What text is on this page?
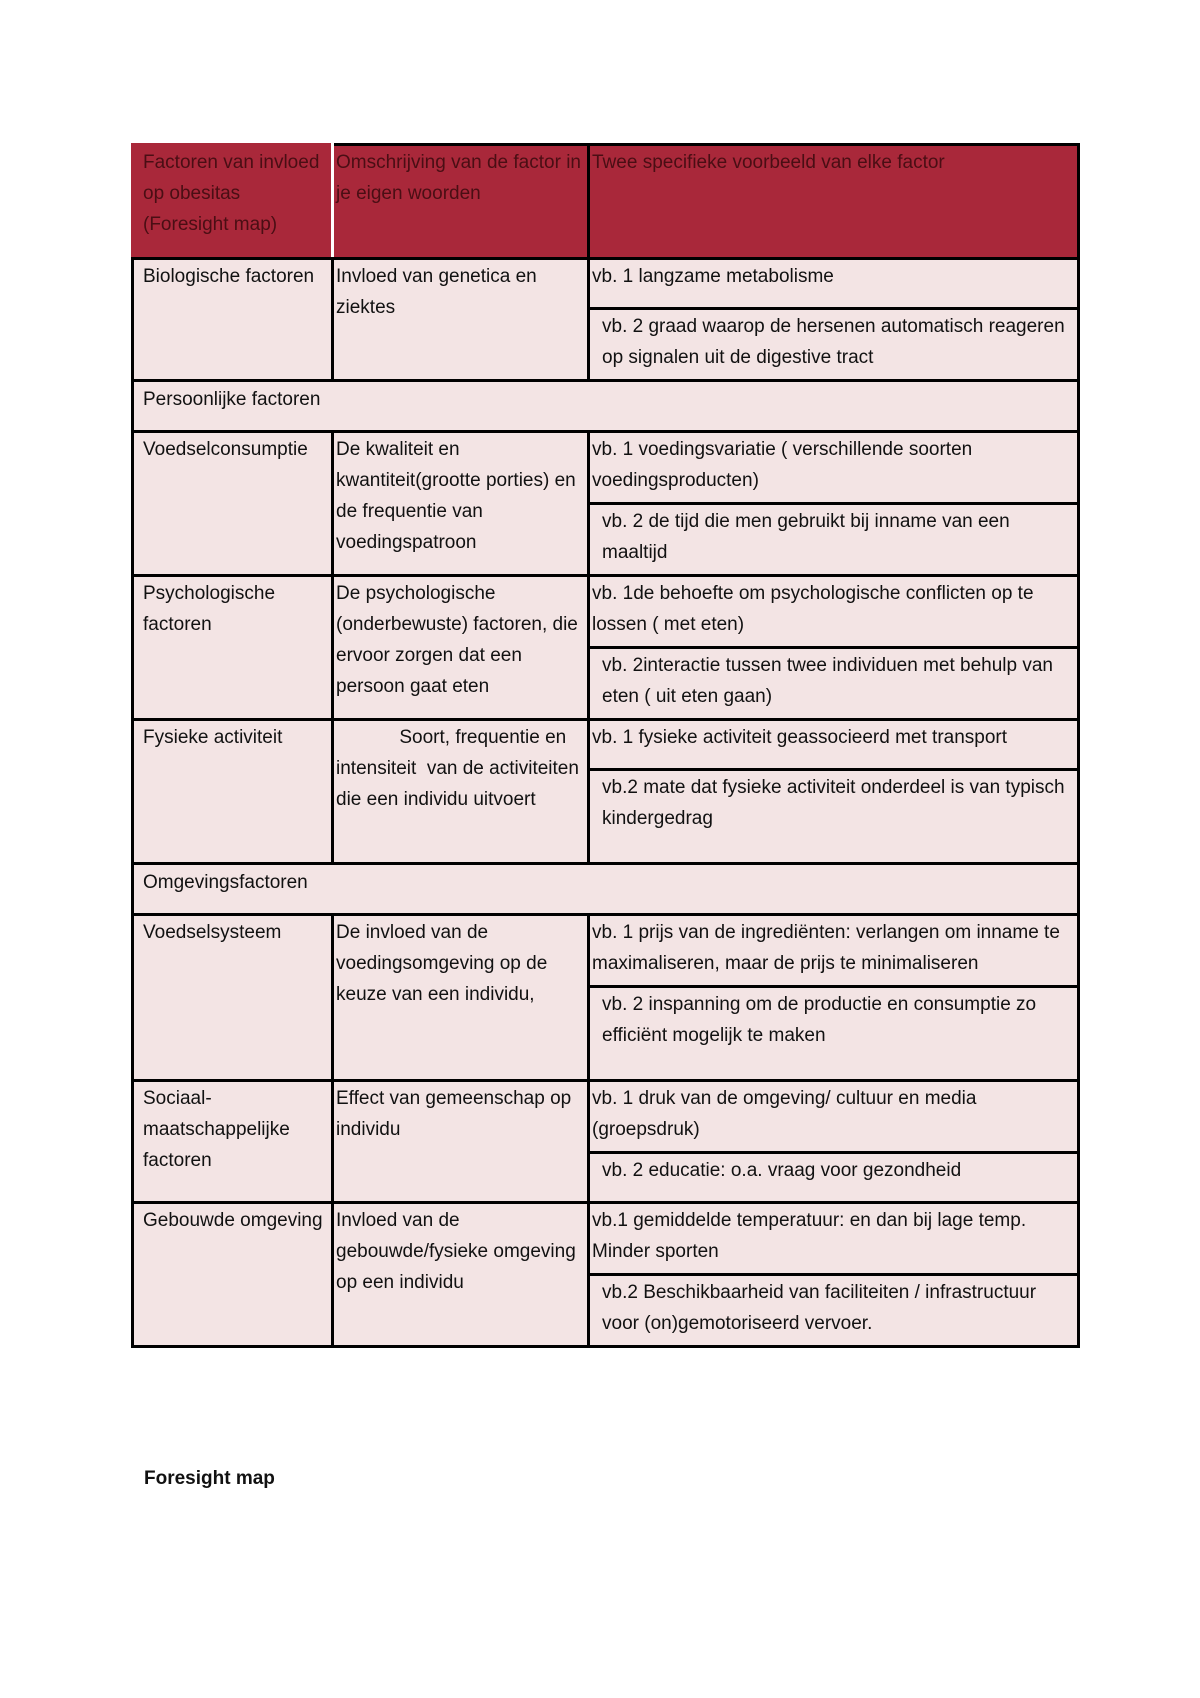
Factoren van invloed op obesitas (Foresight map)	Omschrijving van de factor in je eigen woorden	Twee specifieke voorbeeld van elke factor
Biologische factoren	Invloed van genetica en ziektes	vb. 1 langzame metabolisme
		vb. 2 graad waarop de hersenen automatisch reageren op signalen uit de digestive tract
Persoonlijke factoren		
Voedselconsumptie	De kwaliteit en kwantiteit(grootte porties) en de frequentie van voedingspatroon	vb. 1 voedingsvariatie ( verschillende soorten voedingsproducten)
		vb. 2 de tijd die men gebruikt bij inname van een maaltijd
Psychologische factoren	De psychologische (onderbewuste) factoren, die ervoor zorgen dat een persoon gaat eten	vb. 1de behoefte om psychologische conflicten op te lossen ( met eten)
		vb. 2interactie tussen twee individuen met behulp van eten ( uit eten gaan)
Fysieke activiteit	Soort, frequentie en intensiteit  van de activiteiten die een individu uitvoert	vb. 1 fysieke activiteit geassocieerd met transport
		vb.2 mate dat fysieke activiteit onderdeel is van typisch kindergedrag
Omgevingsfactoren		
Voedselsysteem	De invloed van de voedingsomgeving op de keuze van een individu,	vb. 1 prijs van de ingrediënten: verlangen om inname te maximaliseren, maar de prijs te minimaliseren
		vb. 2 inspanning om de productie en consumptie zo efficiënt mogelijk te maken
Sociaal-maatschappelijke factoren	Effect van gemeenschap op individu	vb. 1 druk van de omgeving/ cultuur en media (groepsdruk)
		vb. 2 educatie: o.a. vraag voor gezondheid
Gebouwde omgeving	Invloed van de gebouwde/fysieke omgeving op een individu	vb.1 gemiddelde temperatuur: en dan bij lage temp. Minder sporten
		vb.2 Beschikbaarheid van faciliteiten / infrastructuur voor (on)gemotoriseerd vervoer.
Foresight map
